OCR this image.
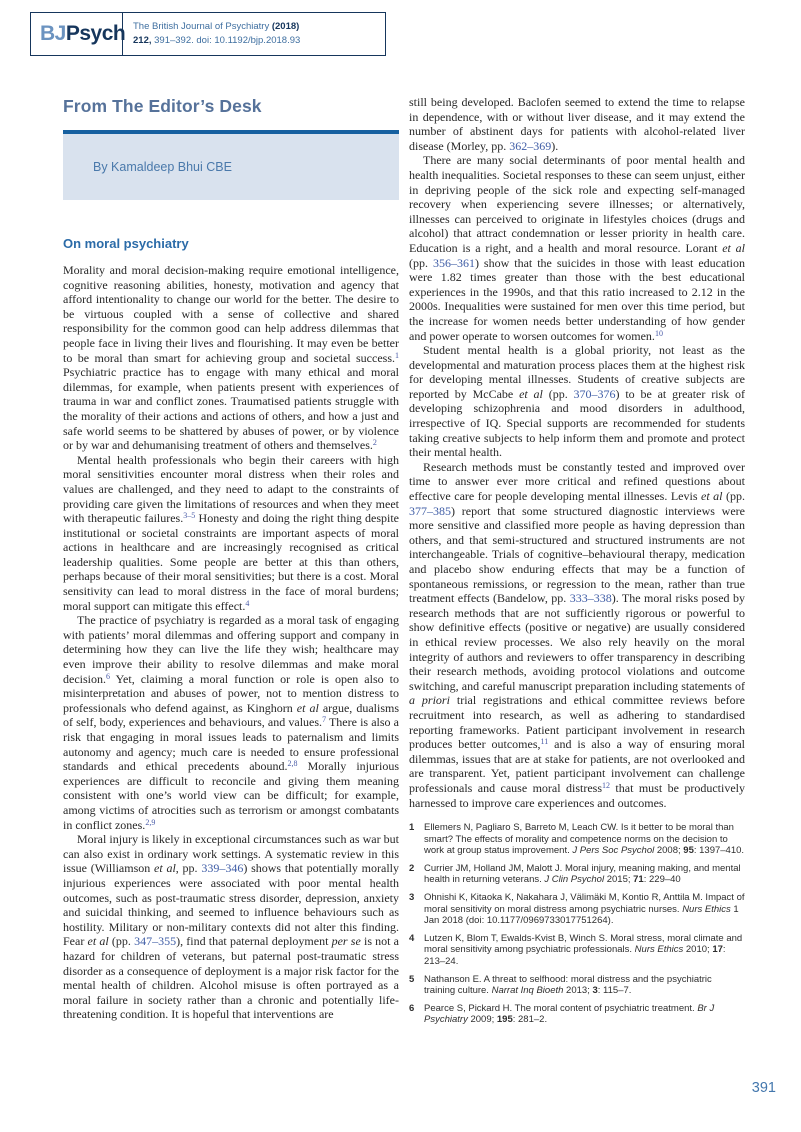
BJ Psych The British Journal of Psychiatry (2018)
212, 391–392. doi: 10.1192/bjp.2018.93
From The Editor’s Desk
By Kamaldeep Bhui CBE
On moral psychiatry

Morality and moral decision-making require emotional intelligence, cognitive reasoning abilities, honesty, motivation and agency that afford intentionality to change our world for the better. The desire to be virtuous coupled with a sense of collective and shared responsibility for the common good can help address dilemmas that people face in living their lives and flourishing. It may even be better to be moral than smart for achieving group and societal success.$^1$ Psychiatric practice has to engage with many ethical and moral dilemmas, for example, when patients present with experiences of trauma in war and conflict zones. Traumatised patients struggle with the morality of their actions and actions of others, and how a just and safe world seems to be shattered by abuses of power, or by violence or by war and dehumanising treatment of others and themselves.$^2$

Mental health professionals who begin their careers with high moral sensitivities encounter moral distress when their roles and values are challenged, and they need to adapt to the constraints of providing care given the limitations of resources and when they meet with therapeutic failures.$^{3-5}$ Honesty and doing the right thing despite institutional or societal constraints are important aspects of moral actions in healthcare and are increasingly recognised as critical leadership qualities. Some people are better at this than others, perhaps because of their moral sensitivities; but there is a cost. Moral sensitivity can lead to moral distress in the face of moral burdens; moral support can mitigate this effect.$^4$

The practice of psychiatry is regarded as a moral task of engaging with patients’ moral dilemmas and offering support and company in determining how they can live the life they wish; healthcare may even improve their ability to resolve dilemmas and make moral decision.$^6$ Yet, claiming a moral function or role is open also to misinterpretation and abuses of power, not to mention distress to professionals who defend against, as Kinghorn et al argue, dualisms of self, body, experiences and behaviours, and values.$^7$ There is also a risk that engaging in moral issues leads to paternalism and limits autonomy and agency; much care is needed to ensure professional standards and ethical precedents abound.$^{2,8}$ Morally injurious experiences are difficult to reconcile and giving them meaning consistent with one’s world view can be difficult; for example, among victims of atrocities such as terrorism or amongst combatants in conflict zones.$^{2,9}$

Moral injury is likely in exceptional circumstances such as war but can also exist in ordinary work settings. A systematic review in this issue (Williamson et al, pp. 339–346) shows that potentially morally injurious experiences were associated with poor mental health outcomes, such as post-traumatic stress disorder, depression, anxiety and suicidal thinking, and seemed to influence behaviours such as hostility. Military or non-military contexts did not alter this finding. Fear et al (pp. 347–355), find that paternal deployment per se is not a hazard for children of veterans, but paternal post-traumatic stress disorder as a consequence of deployment is a major risk factor for the mental health of children. Alcohol misuse is often portrayed as a moral failure in society rather than a chronic and potentially life-threatening condition. It is hopeful that interventions are

still being developed. Baclofen seemed to extend the time to relapse in dependence, with or without liver disease, and it may extend the number of abstinent days for patients with alcohol-related liver disease (Morley, pp. 362–369).

There are many social determinants of poor mental health and health inequalities. Societal responses to these can seem unjust, either in depriving people of the sick role and expecting self-managed recovery when experiencing severe illnesses; or alternatively, illnesses can perceived to originate in lifestyles choices (drugs and alcohol) that attract condemnation or lesser priority in health care. Education is a right, and a health and moral resource. Lorant et al (pp. 356–361) show that the suicides in those with least education were 1.82 times greater than those with the best educational experiences in the 1990s, and that this ratio increased to 2.12 in the 2000s. Inequalities were sustained for men over this time period, but the increase for women needs better understanding of how gender and power operate to worsen outcomes for women.$^{10}$

Student mental health is a global priority, not least as the developmental and maturation process places them at the highest risk for developing mental illnesses. Students of creative subjects are reported by McCabe et al (pp. 370–376) to be at greater risk of developing schizophrenia and mood disorders in adulthood, irrespective of IQ. Special supports are recommended for students taking creative subjects to help inform them and promote and protect their mental health.

Research methods must be constantly tested and improved over time to answer ever more critical and refined questions about effective care for people developing mental illnesses. Levis et al (pp. 377–385) report that some structured diagnostic interviews were more sensitive and classified more people as having depression than others, and that semi-structured and structured instruments are not interchangeable. Trials of cognitive–behavioural therapy, medication and placebo show enduring effects that may be a function of spontaneous remissions, or regression to the mean, rather than true treatment effects (Bandelow, pp. 333–338). The moral risks posed by research methods that are not sufficiently rigorous or powerful to show definitive effects (positive or negative) are usually considered in ethical review processes. We also rely heavily on the moral integrity of authors and reviewers to offer transparency in describing their research methods, avoiding protocol violations and outcome switching, and careful manuscript preparation including statements of a priori trial registrations and ethical committee reviews before recruitment into research, as well as adhering to standardised reporting frameworks. Patient participant involvement in research produces better outcomes,$^{11}$ and is also a way of ensuring moral dilemmas, issues that are at stake for patients, are not overlooked and are transparent. Yet, patient participant involvement can challenge professionals and cause moral distress$^{12}$ that must be productively harnessed to improve care experiences and outcomes.

1	Ellemers N, Pagliaro S, Barreto M, Leach CW. Is it better to be moral than smart? The effects of morality and competence norms on the decision to work at group status improvement. J Pers Soc Psychol 2008; 95: 1397–410.
2	Currier JM, Holland JM, Malott J. Moral injury, meaning making, and mental health in returning veterans. J Clin Psychol 2015; 71: 229–40
3	Ohnishi K, Kitaoka K, Nakahara J, Välimäki M, Kontio R, Anttila M. Impact of moral sensitivity on moral distress among psychiatric nurses. Nurs Ethics 1 Jan 2018 (doi: 10.1177/0969733017751264).
4	Lutzen K, Blom T, Ewalds-Kvist B, Winch S. Moral stress, moral climate and moral sensitivity among psychiatric professionals. Nurs Ethics 2010; 17: 213–24.
5	Nathanson E. A threat to selfhood: moral distress and the psychiatric training culture. Narrat Inq Bioeth 2013; 3: 115–7.
6	Pearce S, Pickard H. The moral content of psychiatric treatment. Br J Psychiatry 2009; 195: 281–2.
391
